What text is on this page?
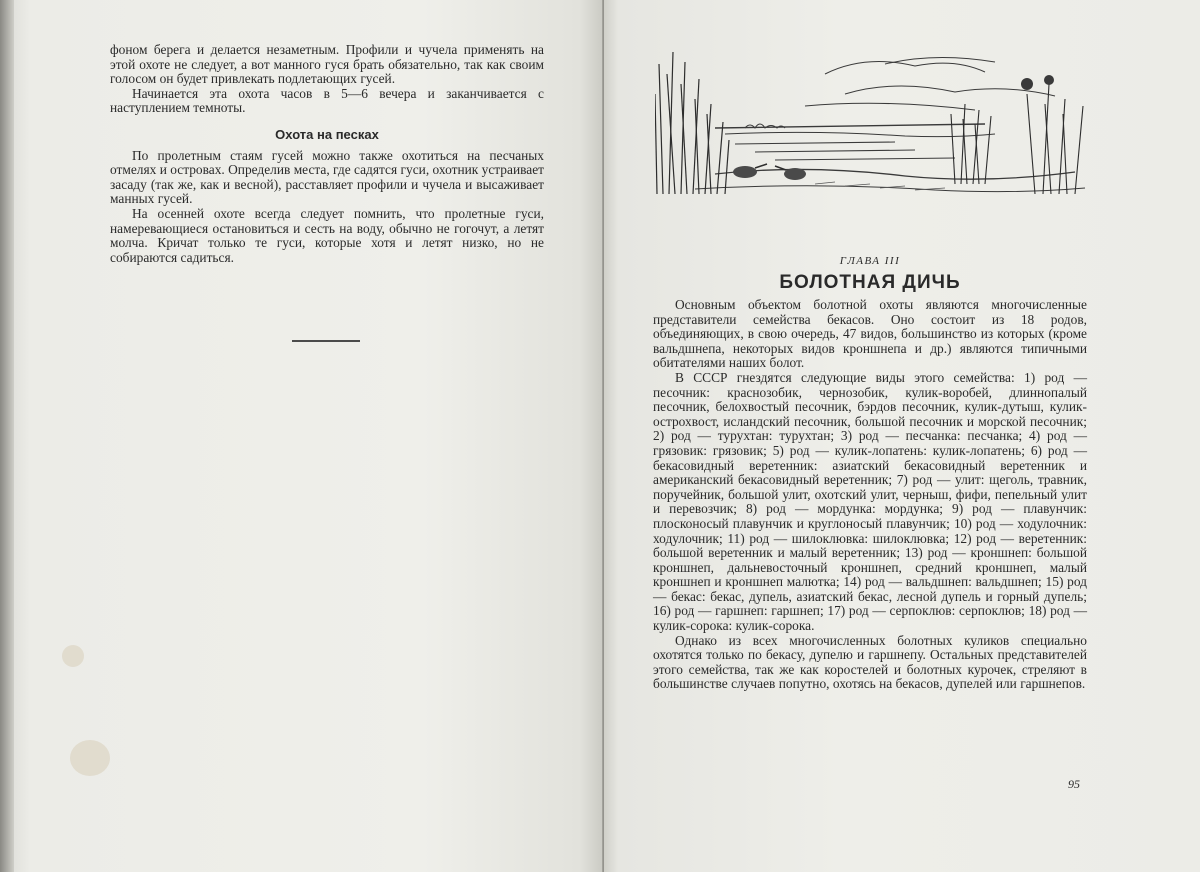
фоном берега и делается незаметным. Профили и чучела применять на этой охоте не следует, а вот манного гуся брать обязательно, так как своим голосом он будет привлекать подлетающих гусей.

Начинается эта охота часов в 5—6 вечера и заканчивается с наступлением темноты.

Охота на песках

По пролетным стаям гусей можно также охотиться на песчаных отмелях и островах. Определив места, где садятся гуси, охотник устраивает засаду (так же, как и весной), расставляет профили и чучела и высаживает манных гусей.

На осенней охоте всегда следует помнить, что пролетные гуси, намеревающиеся остановиться и сесть на воду, обычно не гогочут, а летят молча. Кричат только те гуси, которые хотя и летят низко, но не собираются садиться.	ГЛАВА III
БОЛОТНАЯ ДИЧЬ

Основным объектом болотной охоты являются многочисленные представители семейства бекасов. Оно состоит из 18 родов, объединяющих, в свою очередь, 47 видов, большинство из которых (кроме вальдшнепа, некоторых видов кроншнепа и др.) являются типичными обитателями наших болот.

В СССР гнездятся следующие виды этого семейства: 1) род — песочник: краснозобик, чернозобик, кулик-воробей, длиннопалый песочник, белохвостый песочник, бэрдов песочник, кулик-дутыш, кулик-острохвост, исландский песочник, большой песочник и морской песочник; 2) род — турухтан: турухтан; 3) род — песчанка: песчанка; 4) род — грязовик: грязовик; 5) род — кулик-лопатень: кулик-лопатень; 6) род — бекасовидный веретенник: азиатский бекасовидный веретенник и американский бекасовидный веретенник; 7) род — улит: щеголь, травник, поручейник, большой улит, охотский улит, черныш, фифи, пепельный улит и перевозчик; 8) род — мордунка: мордунка; 9) род — плавунчик: плосконосый плавунчик и круглоносый плавунчик; 10) род — ходулочник: ходулочник; 11) род — шилоклювка: шилоклювка; 12) род — веретенник: большой веретенник и малый веретенник; 13) род — кроншнеп: большой кроншнеп, дальневосточный кроншнеп, средний кроншнеп, малый кроншнеп и кроншнеп малютка; 14) род — вальдшнеп: вальдшнеп; 15) род — бекас: бекас, дупель, азиатский бекас, лесной дупель и горный дупель; 16) род — гаршнеп: гаршнеп; 17) род — серпоклюв: серпоклюв; 18) род — кулик-сорока: кулик-сорока.

Однако из всех многочисленных болотных куликов специально охотятся только по бекасу, дупелю и гаршнепу. Остальных представителей этого семейства, так же как коростелей и болотных курочек, стреляют в большинстве случаев попутно, охотясь на бекасов, дупелей или гаршнепов.

95
